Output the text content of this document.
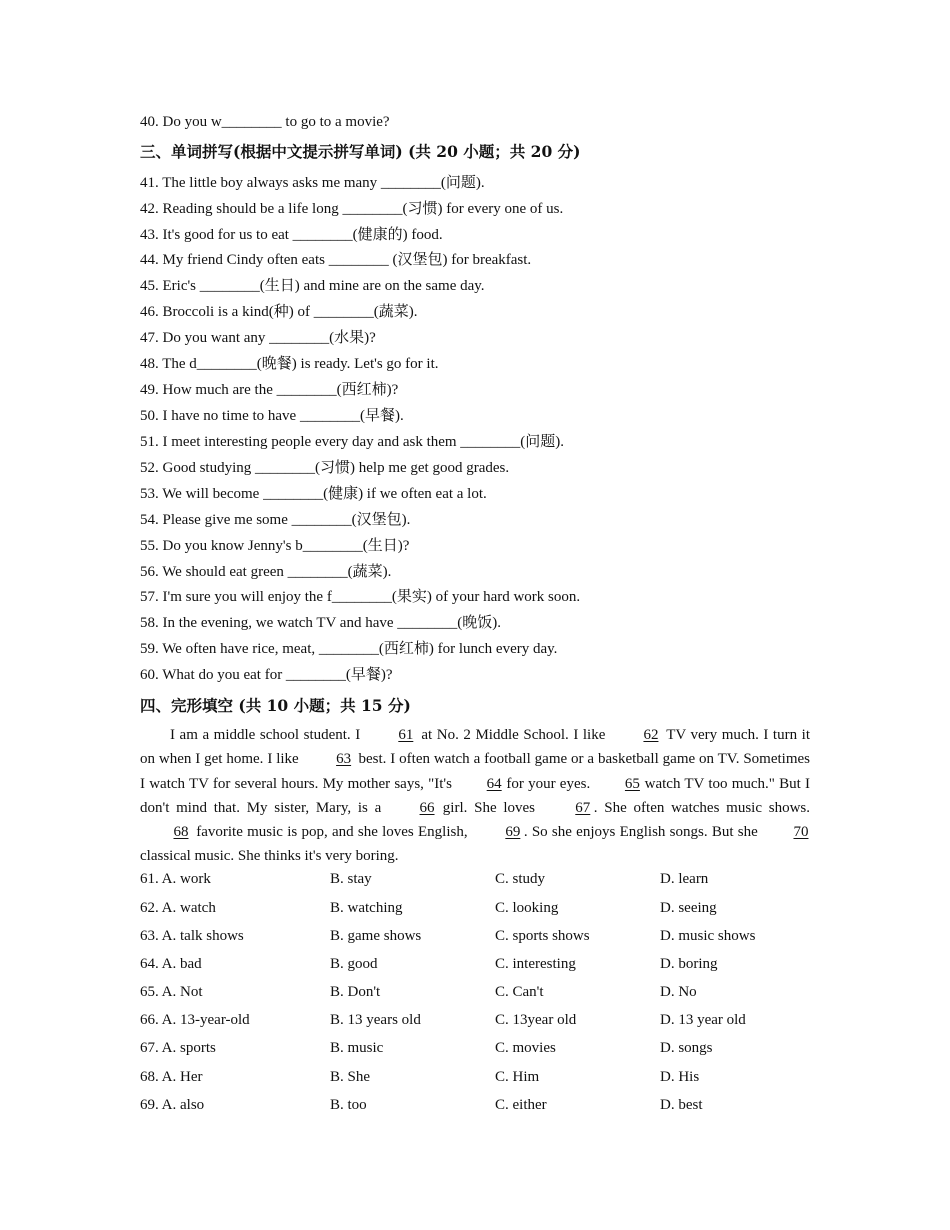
40. Do you w________ to go to a movie?
三、单词拼写(根据中文提示拼写单词) (共 20 小题；共 20 分)
41. The little boy always asks me many ________(问题).
42. Reading should be a life long ________(习惯) for every one of us.
43. It's good for us to eat ________(健康的) food.
44. My friend Cindy often eats ________ (汉堡包) for breakfast.
45. Eric's ________(生日) and mine are on the same day.
46. Broccoli is a kind(种) of ________(蔬菜).
47. Do you want any ________(水果)?
48. The d________(晚餐) is ready. Let's go for it.
49. How much are the ________(西红柿)?
50. I have no time to have ________(早餐).
51. I meet interesting people every day and ask them ________(问题).
52. Good studying ________(习惯) help me get good grades.
53. We will become ________(健康) if we often eat a lot.
54. Please give me some ________(汉堡包).
55. Do you know Jenny's b________(生日)?
56. We should eat green ________(蔬菜).
57. I'm sure you will enjoy the f________(果实) of your hard work soon.
58. In the evening, we watch TV and have ________(晚饭).
59. We often have rice, meat, ________(西红柿) for lunch every day.
60. What do you eat for ________(早餐)?
四、完形填空 (共 10 小题；共 15 分)
I am a middle school student. I 61 at No. 2 Middle School. I like 62 TV very much. I turn it on when I get home. I like 63 best. I often watch a football game or a basketball game on TV. Sometimes I watch TV for several hours. My mother says, "It's 64 for your eyes. 65 watch TV too much." But I don't mind that. My sister, Mary, is a 66 girl. She loves 67 . She often watches music shows. 68 favorite music is pop, and she loves English, 69 . So she enjoys English songs. But she 70 classical music. She thinks it's very boring.
61. A. work	B. stay	C. study	D. learn
62. A. watch	B. watching	C. looking	D. seeing
63. A. talk shows	B. game shows	C. sports shows	D. music shows
64. A. bad	B. good	C. interesting	D. boring
65. A. Not	B. Don't	C. Can't	D. No
66. A. 13-year-old	B. 13 years old	C. 13year old	D. 13 year old
67. A. sports	B. music	C. movies	D. songs
68. A. Her	B. She	C. Him	D. His
69. A. also	B. too	C. either	D. best
